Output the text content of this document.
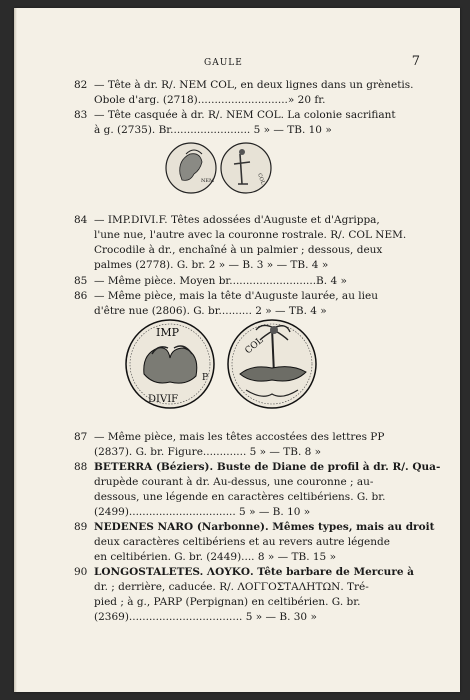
GAULE	7
82 — Tête à dr. R/. NEM COL, en deux lignes dans un grènetis.
Obole d'arg. (2718)...........................» 20 fr.
83 — Tête casquée à dr. R/. NEM COL. La colonie sacrifiant
à g. (2735). Br........................ 5 » — TB. 10 »
NEM	COL
84 — IMP.DIVI.F. Têtes adossées d'Auguste et d'Agrippa,
l'une nue, l'autre avec la couronne rostrale. R/. COL NEM.
Crocodile à dr., enchaîné à un palmier ; dessous, deux
palmes (2778). G. br. 2 » — B. 3 » — TB. 4 »
85 — Même pièce. Moyen br..........................B. 4 »
86 — Même pièce, mais la tête d'Auguste laurée, au lieu
d'être nue (2806). G. br.......... 2 » — TB. 4 »
IMP
DIVIF
P
COL
87 — Même pièce, mais les têtes accostées des lettres PP
(2837). G. br. Figure............. 5 » — TB. 8 »
88 BETERRA (Béziers). Buste de Diane de profil à dr. R/. Qua-
drupède courant à dr. Au-dessus, une couronne ; au-
dessous, une légende en caractères celtibériens. G. br.
(2499)................................ 5 » — B. 10 »
89 NEDENES NARO (Narbonne). Mêmes types, mais au droit
deux caractères celtibériens et au revers autre légende
en celtibérien. G. br. (2449).... 8 » — TB. 15 »
90 LONGOSTALETES. ΛΟΥΚΟ. Tête barbare de Mercure à
dr. ; derrière, caducée. R/. ΛΟΓΓΟΣΤΑΛΗΤΩΝ. Tré-
pied ; à g., PARP (Perpignan) en celtibérien. G. br.
(2369).................................. 5 » — B. 30 »
